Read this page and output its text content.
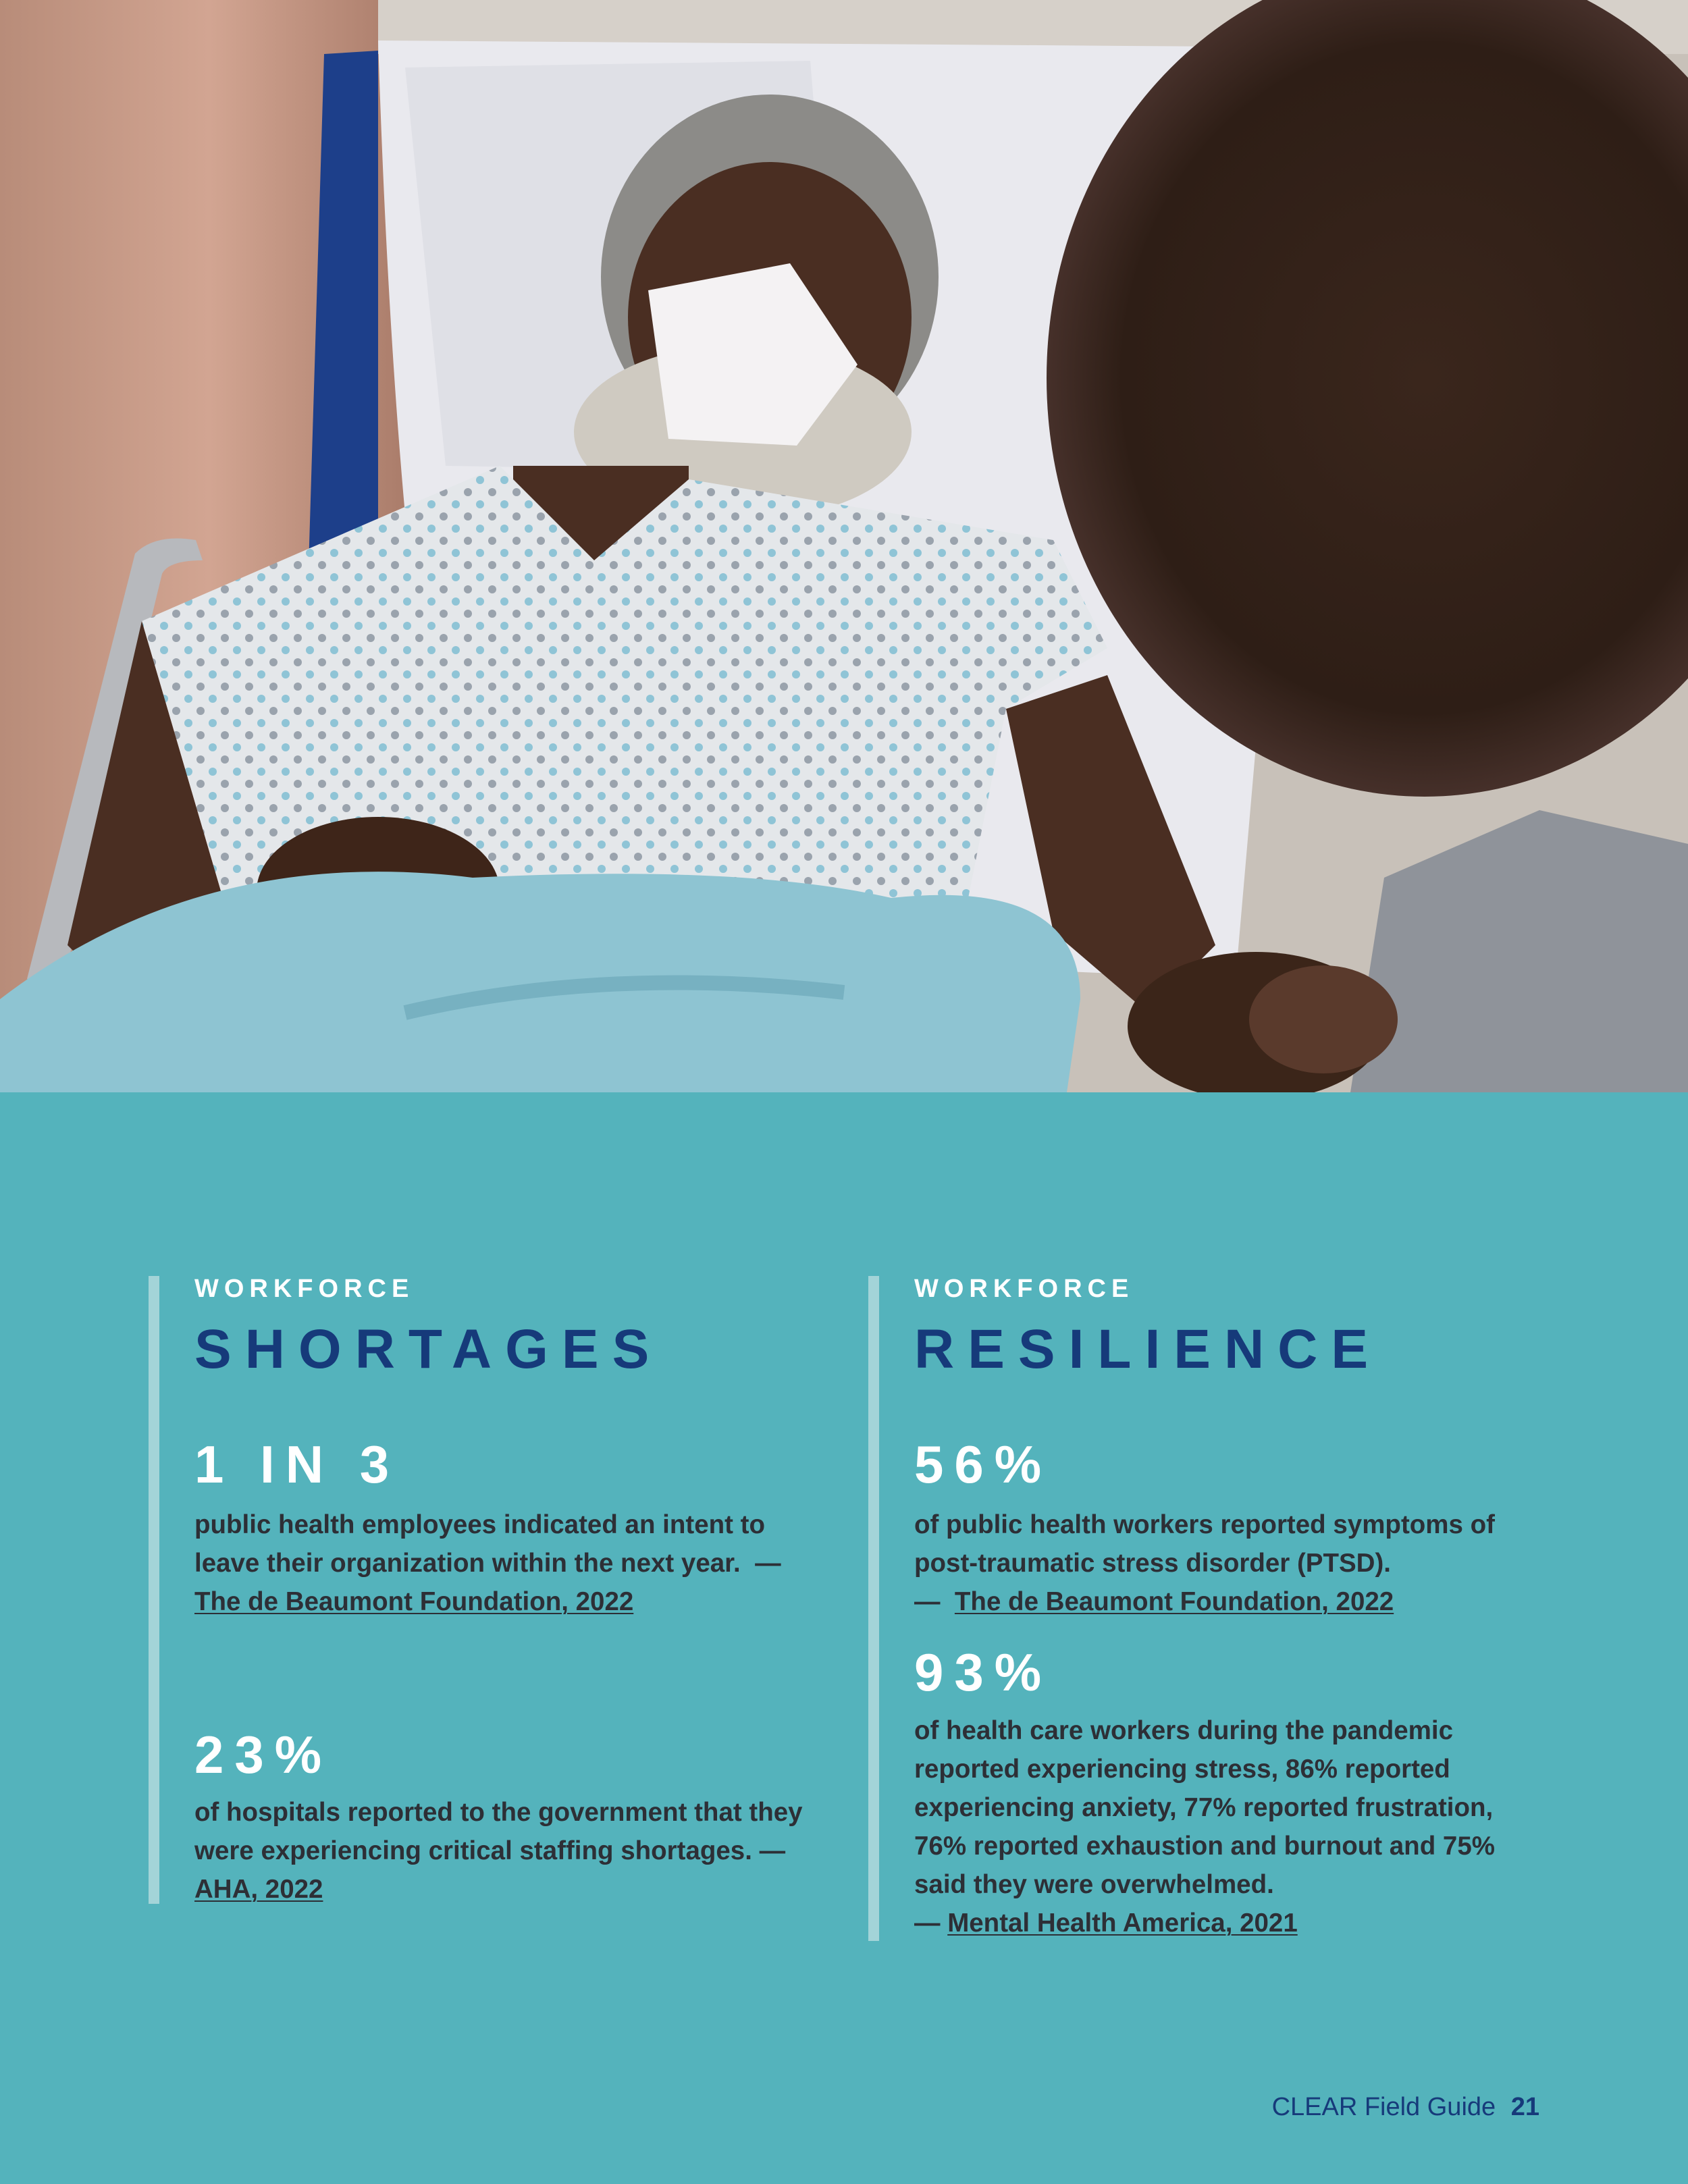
WORKFORCE

SHORTAGES
1 IN 3
public health employees indicated an intent to leave their organization within the next year. — The de Beaumont Foundation, 2022
23%
of hospitals reported to the government that they were experiencing critical staffing shortages. — AHA, 2022

WORKFORCE

RESILIENCE
56%
of public health workers reported symptoms of post-traumatic stress disorder (PTSD).
— The de Beaumont Foundation, 2022
93%
of health care workers during the pandemic reported experiencing stress, 86% reported experiencing anxiety, 77% reported frustration, 76% reported exhaustion and burnout and 75% said they were overwhelmed.
— Mental Health America, 2021
CLEAR Field Guide 21
